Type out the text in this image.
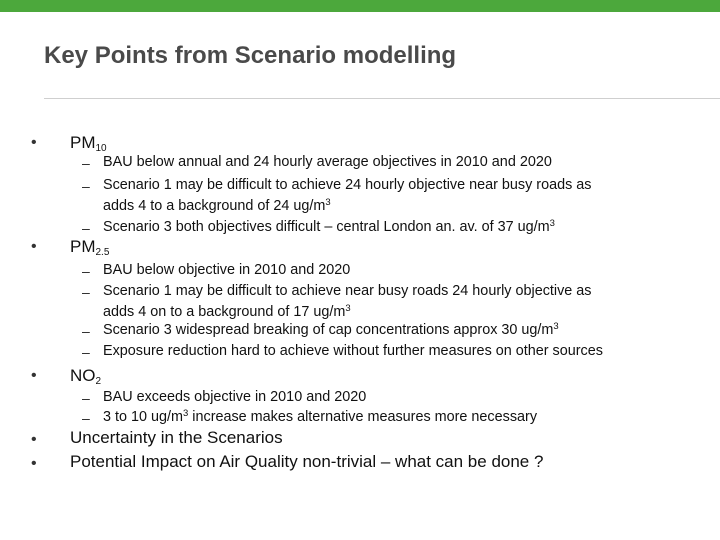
Key Points from Scenario modelling
• $PM_{10}$
– BAU below annual and 24 hourly average objectives in 2010 and 2020
– Scenario 1 may be difficult to achieve 24 hourly objective near busy roads as
adds 4 to a background of 24 $ug/m^3$
– Scenario 3 both objectives difficult – central London an. av. of 37 $ug/m^3$
• $PM_{2.5}$
– BAU below objective in 2010 and 2020
– Scenario 1 may be difficult to achieve near busy roads 24 hourly objective as
adds 4 on to a background of 17 $ug/m^3$
– Scenario 3 widespread breaking of cap concentrations approx 30 $ug/m^3$
– Exposure reduction hard to achieve without further measures on other sources
• $NO_2$
– BAU exceeds objective in 2010 and 2020
– 3 to 10 $ug/m^3$ increase makes alternative measures more necessary
• Uncertainty in the Scenarios
• Potential Impact on Air Quality non-trivial – what can be done ?
